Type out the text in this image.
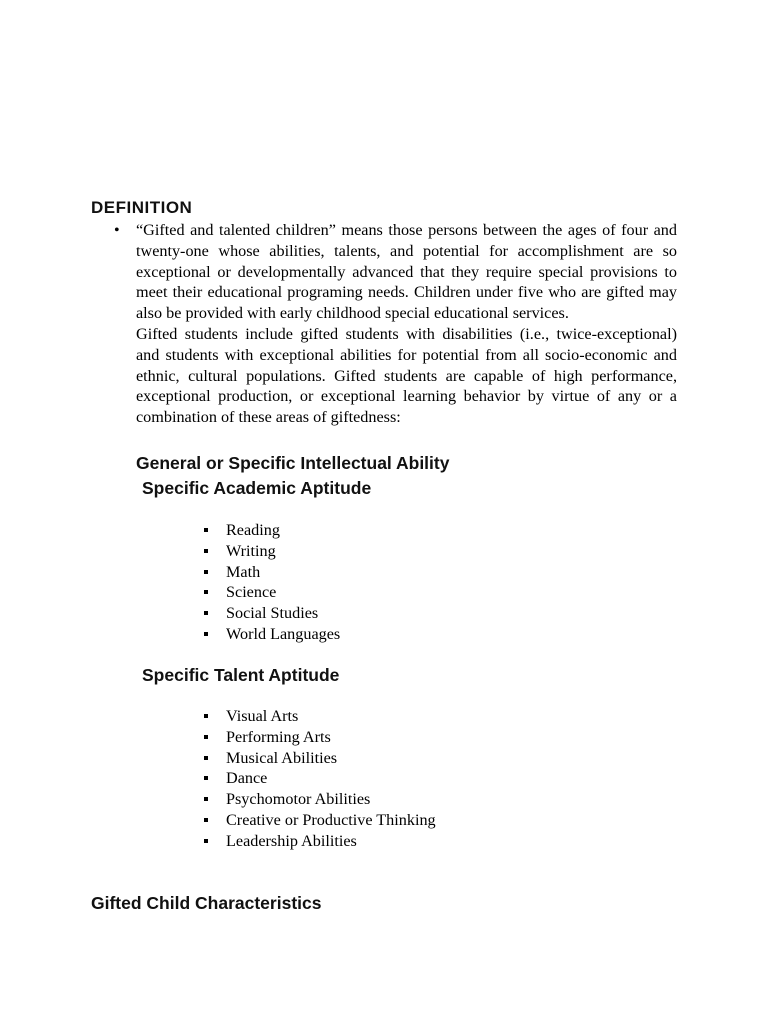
DEFINITION
• “Gifted and talented children” means those persons between the ages of four and twenty-one whose abilities, talents, and potential for accomplishment are so exceptional or developmentally advanced that they require special provisions to meet their educational programing needs. Children under five who are gifted may also be provided with early childhood special educational services.

Gifted students include gifted students with disabilities (i.e., twice-exceptional) and students with exceptional abilities for potential from all socio-economic and ethnic, cultural populations. Gifted students are capable of high performance, exceptional production, or exceptional learning behavior by virtue of any or a combination of these areas of giftedness:

General or Specific Intellectual Ability
Specific Academic Aptitude
Reading
Writing
Math
Science
Social Studies
World Languages
Specific Talent Aptitude
Visual Arts
Performing Arts
Musical Abilities
Dance
Psychomotor Abilities
Creative or Productive Thinking
Leadership Abilities
Gifted Child Characteristics
